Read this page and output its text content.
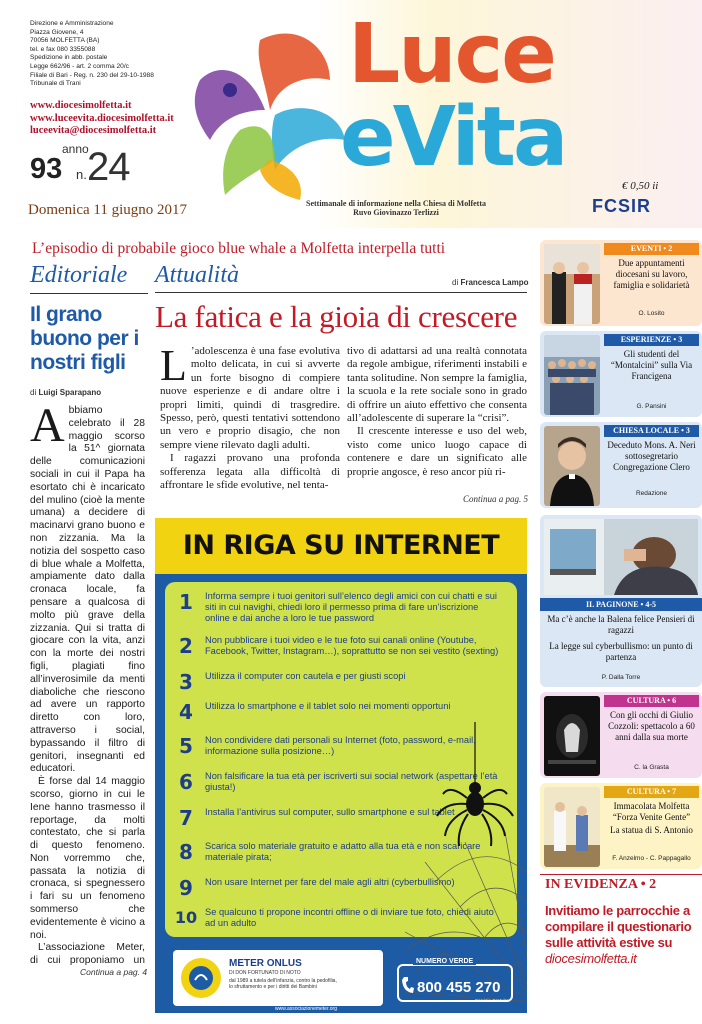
Direzione e Amministrazione
Piazza Giovene, 4
70056 MOLFETTA (BA)
tel. e fax 080 3355088
Spedizione in abb. postale
Legge 662/96 - art. 2 comma 20/c
Filiale di Bari - Reg. n. 230 del 29-10-1988
Tribunale di Trani
www.diocesimolfetta.it
www.luceevita.diocesimolfetta.it
luceevita@diocesimolfetta.it
anno
93 n. 24
Luce
eVita
Settimanale di informazione nella Chiesa di Molfetta Ruvo Giovinazzo Terlizzi
€ 0,50 ii
FCSIR
Domenica 11 giugno 2017
L’episodio di probabile gioco blue whale a Molfetta interpella tutti
Editoriale Attualità	di Francesca Lampo
Il grano buono per i nostri figli
di Luigi Sparapano
A bbiamo celebrato il 28 maggio scorso la 51^ giornata delle comunicazioni sociali in cui il Papa ha esortato chi è incaricato del mulino (cioè la mente umana) a decidere di macinarvi grano buono e non zizzania. Ma la notizia del sospetto caso di blue whale a Molfetta, ampiamente dato dalla cronaca locale, fa pensare a qualcosa di molto più grave della zizzania. Qui si tratta di giocare con la vita, anzi con la morte dei nostri figli, plagiati fino all’inverosimile da menti diaboliche che riescono ad avere un rapporto diretto con loro, attraverso i social, bypassando il filtro di genitori, insegnanti ed educatori.

È forse dal 14 maggio scorso, giorno in cui le Iene hanno trasmesso il reportage, da molti contestato, che si parla di questo fenomeno. Non vorremmo che, passata la notizia di cronaca, si spegnessero i fari su un fenomeno sommerso che evidentemente è vicino a noi.

L’associazione Meter, di cui proponiamo un

Continua a pag. 4
La fatica e la gioia di crescere
L ’adolescenza è una fase evolutiva molto delicata, in cui si avverte un forte bisogno di compiere nuove esperienze e di andare oltre i propri limiti, quindi di trasgredire. Spesso, però, questi tentativi sottendono un vero e proprio disagio, che non sempre viene rilevato dagli adulti.

I ragazzi provano una profonda sofferenza legata alla difficoltà di affrontare le sfide evolutive, nel tenta-

tivo di adattarsi ad una realtà connotata da regole ambigue, riferimenti instabili e tanta solitudine. Non sempre la famiglia, la scuola e la rete sociale sono in grado di offrire un aiuto effettivo che consenta all’adolescente di superare la “crisi”.

Il crescente interesse e uso del web, visto come unico luogo capace di contenere e dare un significato alle proprie angosce, è reso ancor più ri-

Continua a pag. 5
IN RIGA SU INTERNET
1	Informa sempre i tuoi genitori sull’elenco degli amici con cui chatti e sui siti in cui navighi, chiedi loro il permesso prima di fare un’iscrizione online e dai anche a loro le tue password
2	Non pubblicare i tuoi video e le tue foto sui canali online (Youtube, Facebook, Twitter, Instagram…), soprattutto se non sei vestito (sexting)
3	Utilizza il computer con cautela e per giusti scopi
4	Utilizza lo smartphone e il tablet solo nei momenti opportuni
5	Non condividere dati personali su Internet (foto, password, e-mail, informazione sulla posizione…)
6	Non falsificare la tua età per iscriverti sui social network (aspettare l’età giusta!)
7	Installa l’antivirus sul computer, sullo smartphone e sul tablet
8	Scarica solo materiale gratuito e adatto alla tua età e non scaricare materiale pirata;
9	Non usare Internet per fare del male agli altri (cyberbullismo)
10 Se qualcuno ti propone incontri offline o di inviare tue foto, chiedi aiuto ad un adulto
METER ONLUS
DI DON FORTUNATO DI NOTO
dal 1989 a tutela dell’infanzia, contro la pedofilia, lo sfruttamento e per i diritti dei Bambini
www.associazionemeter.org
NUMERO VERDE
800 455 270
Servizio Gratuito
EVENTI • 2
Due appuntamenti diocesani su lavoro, famiglia e solidarietà
O. Losito
ESPERIENZE • 3
Gli studenti del “Montalcini” sulla Via Francigena
G. Pansini
CHIESA LOCALE • 3
Deceduto Mons. A. Neri sottosegretario Congregazione Clero
Redazione
IL PAGINONE • 4-5
Ma c’è anche la Balena felice Pensieri di ragazzi
La legge sul cyberbullismo: un punto di partenza
P. Dalla Torre
CULTURA • 6
Con gli occhi di Giulio Cozzoli: spettacolo a 60 anni dalla sua morte
C. la Grasta
CULTURA • 7
Immacolata Molfetta “Forza Venite Gente”
La statua di S. Antonio
F. Anzelmo - C. Pappagallo
IN EVIDENZA • 2
Invitiamo le parrocchie a compilare il questionario sulle attività estive su diocesimolfetta.it
